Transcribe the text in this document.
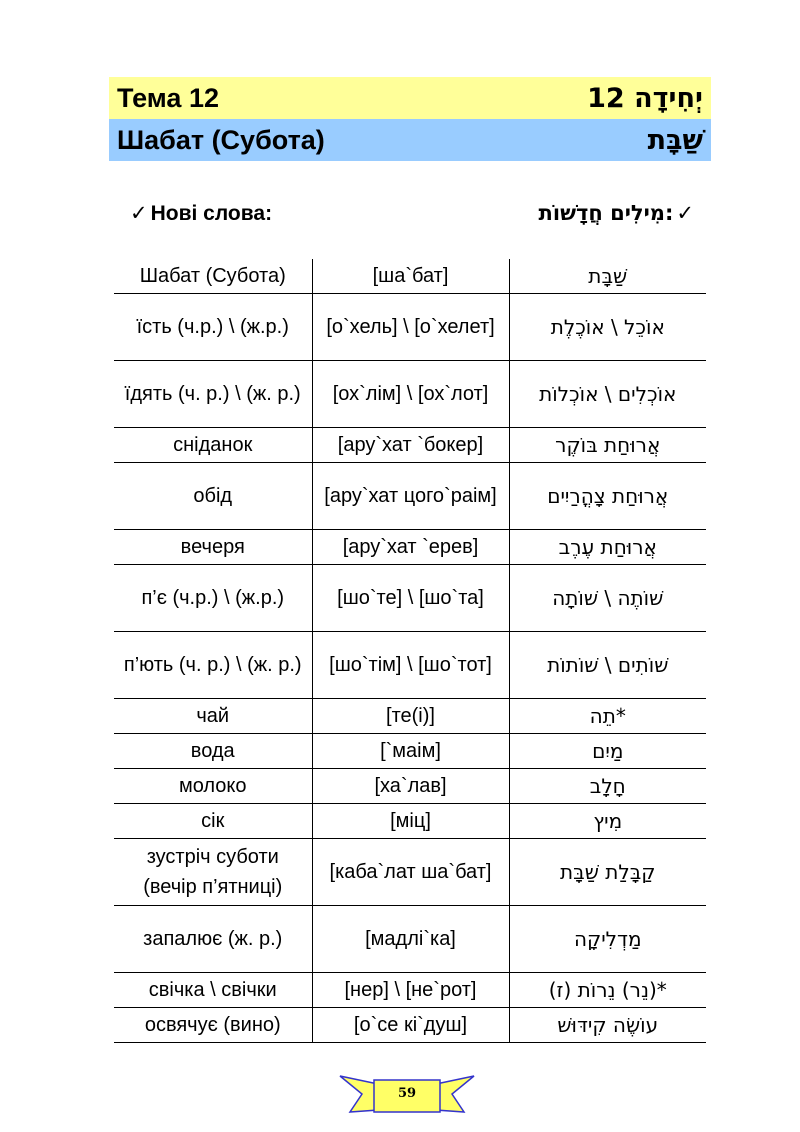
Тема 12	יְחִידָה 12
Шабат (Субота)	שַׁבָּת
✓ Нові слова:	מִילִים חֲדָשׁוֹת: ✓
Шабат (Субота)	[ша`бат]	שַׁבָּת
їсть (ч.р.) \ (ж.р.)	[о`хель] \ [о`хелет]	אוֹכֵל \ אוֹכֶלֶת
їдять (ч. р.) \ (ж. р.)	[ох`лім] \ [ох`лот]	אוֹכְלִים \ אוֹכְלוֹת
сніданок	[ару`хат `бокер]	אֲרוּחַת בּוֹקֶר
обід	[ару`хат цого`раім]	אֲרוּחַת צָהֳרַיִים
вечеря	[ару`хат `ерев]	אֲרוּחַת עֶרֶב
п’є (ч.р.) \ (ж.р.)	[шо`те] \ [шо`та]	שׁוֹתֶה \ שׁוֹתָה
п’ють (ч. р.) \ (ж. р.)	[шо`тім] \ [шо`тот]	שׁוֹתִים \ שׁוֹתוֹת
чай	[те(і)]	*תֵה
вода	[`маім]	מַיִם
молоко	[ха`лав]	חָלָב
сік	[міц]	מִיץ
зустріч суботи (вечір п’ятниці)	[каба`лат ша`бат]	קַבָּלַת שַׁבָּת
запалює (ж. р.)	[мадлі`ка]	מַדְלִיקָה
свічка \ свічки	[нер] \ [не`рот]	*(נֵר) נֵרוֹת (ז)
освячує (вино)	[о`се кі`душ]	עוֹשֶׂה קִידּוּשׁ
59
